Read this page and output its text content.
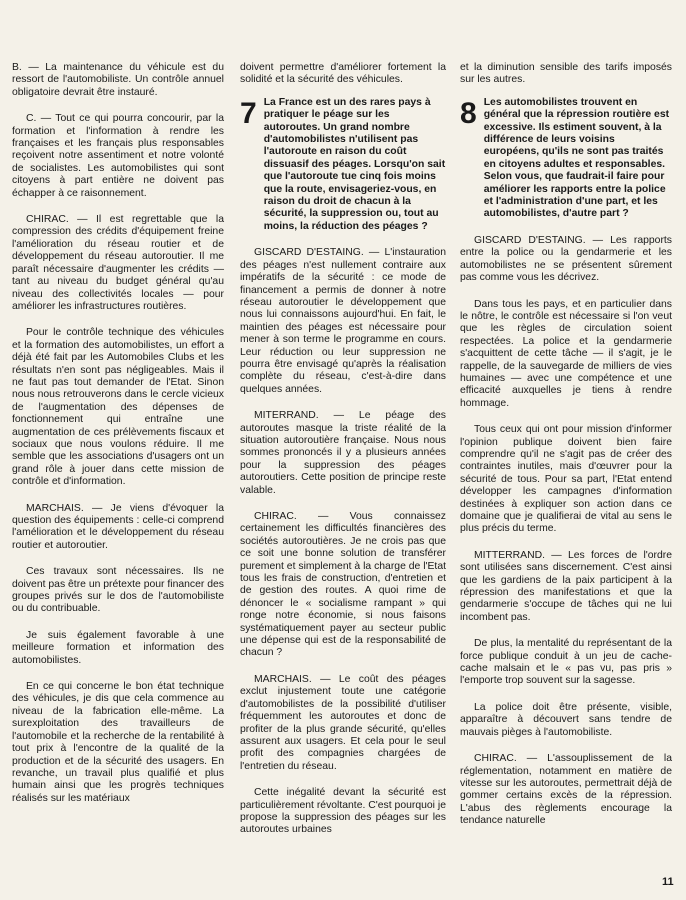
B. — La maintenance du véhicule est du ressort de l'automobiliste. Un contrôle annuel obligatoire devrait être instauré.

C. — Tout ce qui pourra concourir, par la formation et l'information à rendre les françaises et les français plus responsables reçoivent notre assentiment et notre volonté de socialistes. Les automobilistes qui sont citoyens à part entière ne doivent pas échapper à ce raisonnement.

CHIRAC. — Il est regrettable que la compression des crédits d'équipement freine l'amélioration du réseau routier et de développement du réseau autoroutier. Il me paraît nécessaire d'augmenter les crédits — tant au niveau du budget général qu'au niveau des collectivités locales — pour améliorer les infrastructures routières.

Pour le contrôle technique des véhicules et la formation des automobilistes, un effort a déjà été fait par les Automobiles Clubs et les résultats n'en sont pas négligeables. Mais il ne faut pas tout demander de l'Etat. Sinon nous nous retrouverons dans le cercle vicieux de l'augmentation des dépenses de fonctionnement qui entraîne une augmentation de ces prélèvements fiscaux et sociaux que nous voulons réduire. Il me semble que les associations d'usagers ont un grand rôle à jouer dans cette mission de contrôle et d'information.

MARCHAIS. — Je viens d'évoquer la question des équipements : celle-ci comprend l'amélioration et le développement du réseau routier et autoroutier.

Ces travaux sont nécessaires. Ils ne doivent pas être un prétexte pour financer des groupes privés sur le dos de l'automobiliste ou du contribuable.

Je suis également favorable à une meilleure formation et information des automobilistes.

En ce qui concerne le bon état technique des véhicules, je dis que cela commence au niveau de la fabrication elle-même. La surexploitation des travailleurs de l'automobile et la recherche de la rentabilité à tout prix à l'encontre de la qualité de la production et de la sécurité des usagers. En revanche, un travail plus qualifié et plus humain ainsi que les progrès techniques réalisés sur les matériaux

doivent permettre d'améliorer fortement la solidité et la sécurité des véhicules.

7 La France est un des rares pays à pratiquer le péage sur les autoroutes. Un grand nombre d'automobilistes n'utilisent pas l'autoroute en raison du coût dissuasif des péages. Lorsqu'on sait que l'autoroute tue cinq fois moins que la route, envisageriez-vous, en raison du droit de chacun à la sécurité, la suppression ou, tout au moins, la réduction des péages ?

GISCARD D'ESTAING. — L'instauration des péages n'est nullement contraire aux impératifs de la sécurité : ce mode de financement a permis de donner à notre réseau autoroutier le développement que nous lui connaissons aujourd'hui. En fait, le maintien des péages est nécessaire pour mener à son terme le programme en cours. Leur réduction ou leur suppression ne pourra être envisagé qu'après la réalisation complète du réseau, c'est-à-dire dans quelques années.

MITERRAND. — Le péage des autoroutes masque la triste réalité de la situation autoroutière française. Nous nous sommes prononcés il y a plusieurs années pour la suppression des péages autoroutiers. Cette position de principe reste valable.

CHIRAC. — Vous connaissez certainement les difficultés financières des sociétés autoroutières. Je ne crois pas que ce soit une bonne solution de transférer purement et simplement à la charge de l'Etat tous les frais de construction, d'entretien et de gestion des routes. A quoi rime de dénoncer le « socialisme rampant » qui ronge notre économie, si nous faisons systématiquement payer au secteur public une dépense qui est de la responsabilité de chacun ?

MARCHAIS. — Le coût des péages exclut injustement toute une catégorie d'automobilistes de la possibilité d'utiliser fréquemment les autoroutes et donc de profiter de la plus grande sécurité, qu'elles assurent aux usagers. Et cela pour le seul profit des compagnies chargées de l'entretien du réseau.

Cette inégalité devant la sécurité est particulièrement révoltante. C'est pourquoi je propose la suppression des péages sur les autoroutes urbaines

et la diminution sensible des tarifs imposés sur les autres.

8 Les automobilistes trouvent en général que la répression routière est excessive. Ils estiment souvent, à la différence de leurs voisins européens, qu'ils ne sont pas traités en citoyens adultes et responsables. Selon vous, que faudrait-il faire pour améliorer les rapports entre la police et l'administration d'une part, et les automobilistes, d'autre part ?

GISCARD D'ESTAING. — Les rapports entre la police ou la gendarmerie et les automobilistes ne se présentent sûrement pas comme vous les décrivez.

Dans tous les pays, et en particulier dans le nôtre, le contrôle est nécessaire si l'on veut que les règles de circulation soient respectées. La police et la gendarmerie s'acquittent de cette tâche — il s'agit, je le rappelle, de la sauvegarde de milliers de vies humaines — avec une compétence et une efficacité auxquelles je tiens à rendre hommage.

Tous ceux qui ont pour mission d'informer l'opinion publique doivent bien faire comprendre qu'il ne s'agit pas de créer des contraintes inutiles, mais d'œuvrer pour la sécurité de tous. Pour sa part, l'Etat entend développer les campagnes d'information destinées à expliquer son action dans ce domaine que je qualifierai de vital au sens le plus précis du terme.

MITTERRAND. — Les forces de l'ordre sont utilisées sans discernement. C'est ainsi que les gardiens de la paix participent à la répression des manifestations et que la gendarmerie s'occupe de tâches qui ne lui incombent pas.

De plus, la mentalité du représentant de la force publique conduit à un jeu de cache-cache malsain et le « pas vu, pas pris » l'emporte trop souvent sur la sagesse.

La police doit être présente, visible, apparaître à découvert sans tendre de mauvais pièges à l'automobiliste.

CHIRAC. — L'assouplissement de la réglementation, notamment en matière de vitesse sur les autoroutes, permettrait déjà de gommer certains excès de la répression. L'abus des règlements encourage la tendance naturelle

11
